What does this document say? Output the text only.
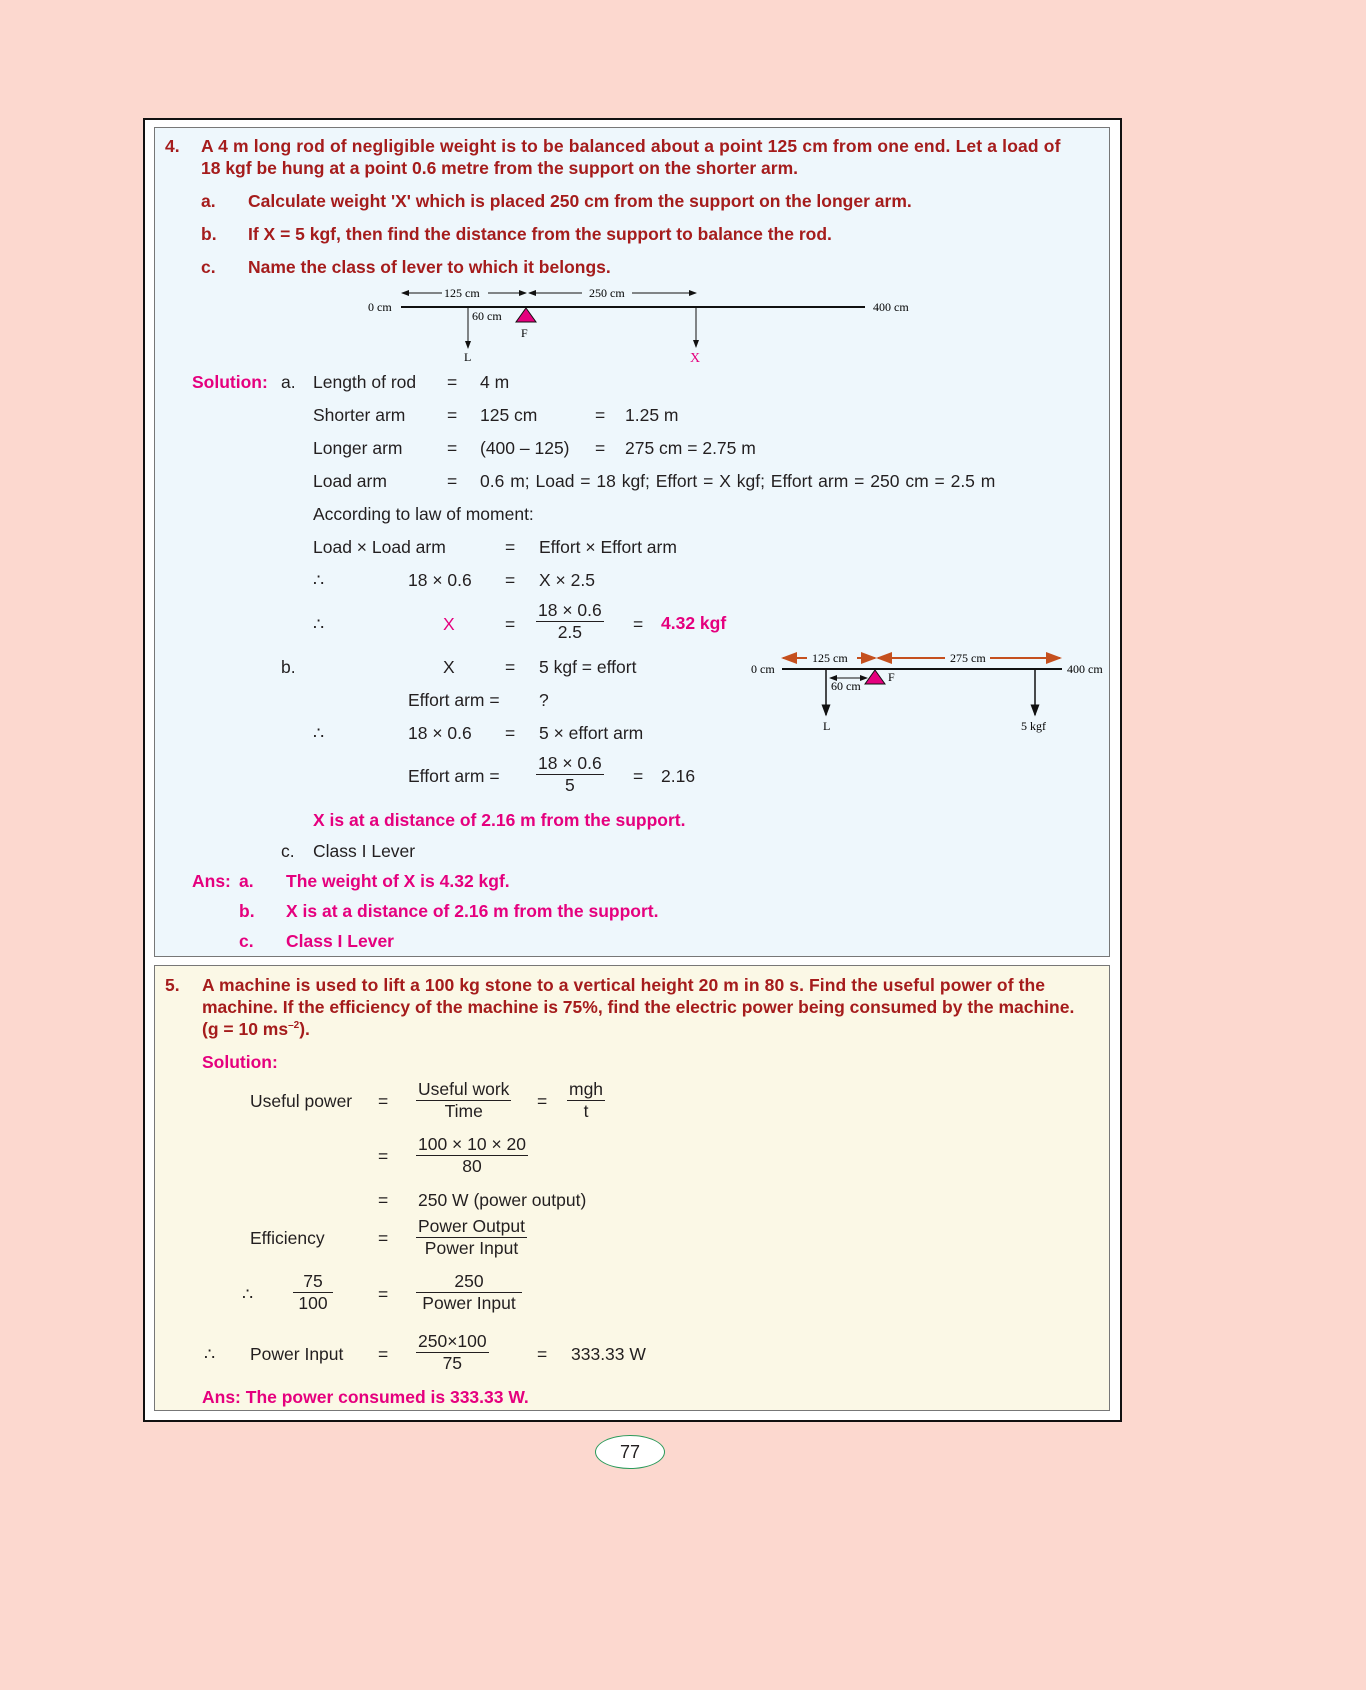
4. A 4 m long rod of negligible weight is to be balanced about a point 125 cm from one end. Let a load of
18 kgf be hung at a point 0.6 metre from the support on the shorter arm.
a. Calculate weight 'X' which is placed 250 cm from the support on the longer arm.
b. If X = 5 kgf, then find the distance from the support to balance the rod.
c. Name the class of lever to which it belongs.
125 cm	250 cm
0 cm	400 cm
60 cm
F
L	X
Solution: a. Length of rod = 4 m
Shorter arm = 125 cm	= 1.25 m
Longer arm	= (400 – 125) = 275 cm = 2.75 m
Load arm	= 0.6 m; Load = 18 kgf; Effort = X kgf; Effort arm = 250 cm = 2.5 m
According to law of moment:
Load × Load arm	= Effort × Effort arm
∴	18 × 0.6 = X × 2.5
∴	X	= $\frac{18 \times 0.6}{2.5} = 4.32$ kgf
b.	X	= 5 kgf = effort
Effort arm = ?
∴	18 × 0.6 = 5 × effort arm
Effort arm = $\frac{18 \times 0.6}{5} = 2.16$
X is at a distance of 2.16 m from the support.
c. Class I Lever
125 cm	275 cm
0 cm	400 cm
60 cm
F
L	5 kgf
Ans: a. The weight of X is 4.32 kgf.
b. X is at a distance of 2.16 m from the support.
c. Class I Lever
5. A machine is used to lift a 100 kg stone to a vertical height 20 m in 80 s. Find the useful power of the
machine. If the efficiency of the machine is 75%, find the electric power being consumed by the machine.
(g = 10 $ms^{-2}$).
Solution:
Useful power =
Useful work
Time	=
mgh
t
= $\frac{100 \times 10 \times 20}{80}$
= 250 W (power output)
Efficiency	=
Power Output
Power Input
∴ $\frac{75}{100}$	=
250
Power Input
∴ Power Input = $\frac{250\times 100}{75}$	= 333.33 W
Ans: The power consumed is 333.33 W.
77
